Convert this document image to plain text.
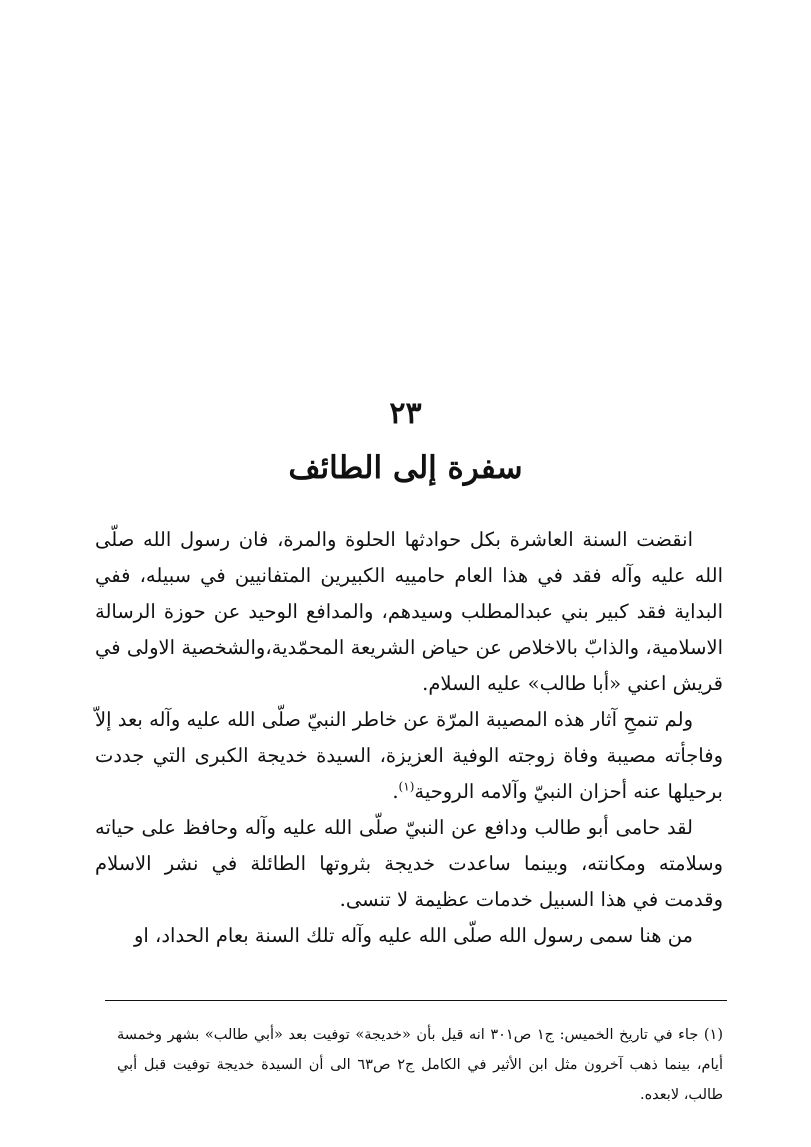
٢٣
سفرة إلى الطائف

انقضت السنة العاشرة بكل حوادثها الحلوة والمرة، فان رسول الله صلّى الله عليه وآله فقد في هذا العام حامييه الكبيرين المتفانيين في سبيله، ففي البداية فقد كبير بني عبدالمطلب وسيدهم، والمدافع الوحيد عن حوزة الرسالة الاسلامية، والذابّ بالاخلاص عن حياض الشريعة المحمّدية،والشخصية الاولى في قريش اعني «أبا طالب» عليه السلام.

ولم تنمحِ آثار هذه المصيبة المرّة عن خاطر النبيّ صلّى الله عليه وآله بعد إلاّ وفاجأته مصيبة وفاة زوجته الوفية العزيزة، السيدة خديجة الكبرى التي جددت برحيلها عنه أحزان النبيّ وآلامه الروحية$^{(١)}$.

لقد حامى أبو طالب ودافع عن النبيّ صلّى الله عليه وآله وحافظ على حياته وسلامته ومكانته، وبينما ساعدت خديجة بثروتها الطائلة في نشر الاسلام وقدمت في هذا السبيل خدمات عظيمة لا تنسى.

من هنا سمى رسول الله صلّى الله عليه وآله تلك السنة بعام الحداد، او

(١) جاء في تاريخ الخميس: ج١ ص٣٠١ انه قيل بأن «خديجة» توفيت بعد «أبي طالب» بشهر وخمسة أيام، بينما ذهب آخرون مثل ابن الأثير في الكامل ج٢ ص٦٣ الى أن السيدة خديجة توفيت قبل أبي طالب، لابعده.
